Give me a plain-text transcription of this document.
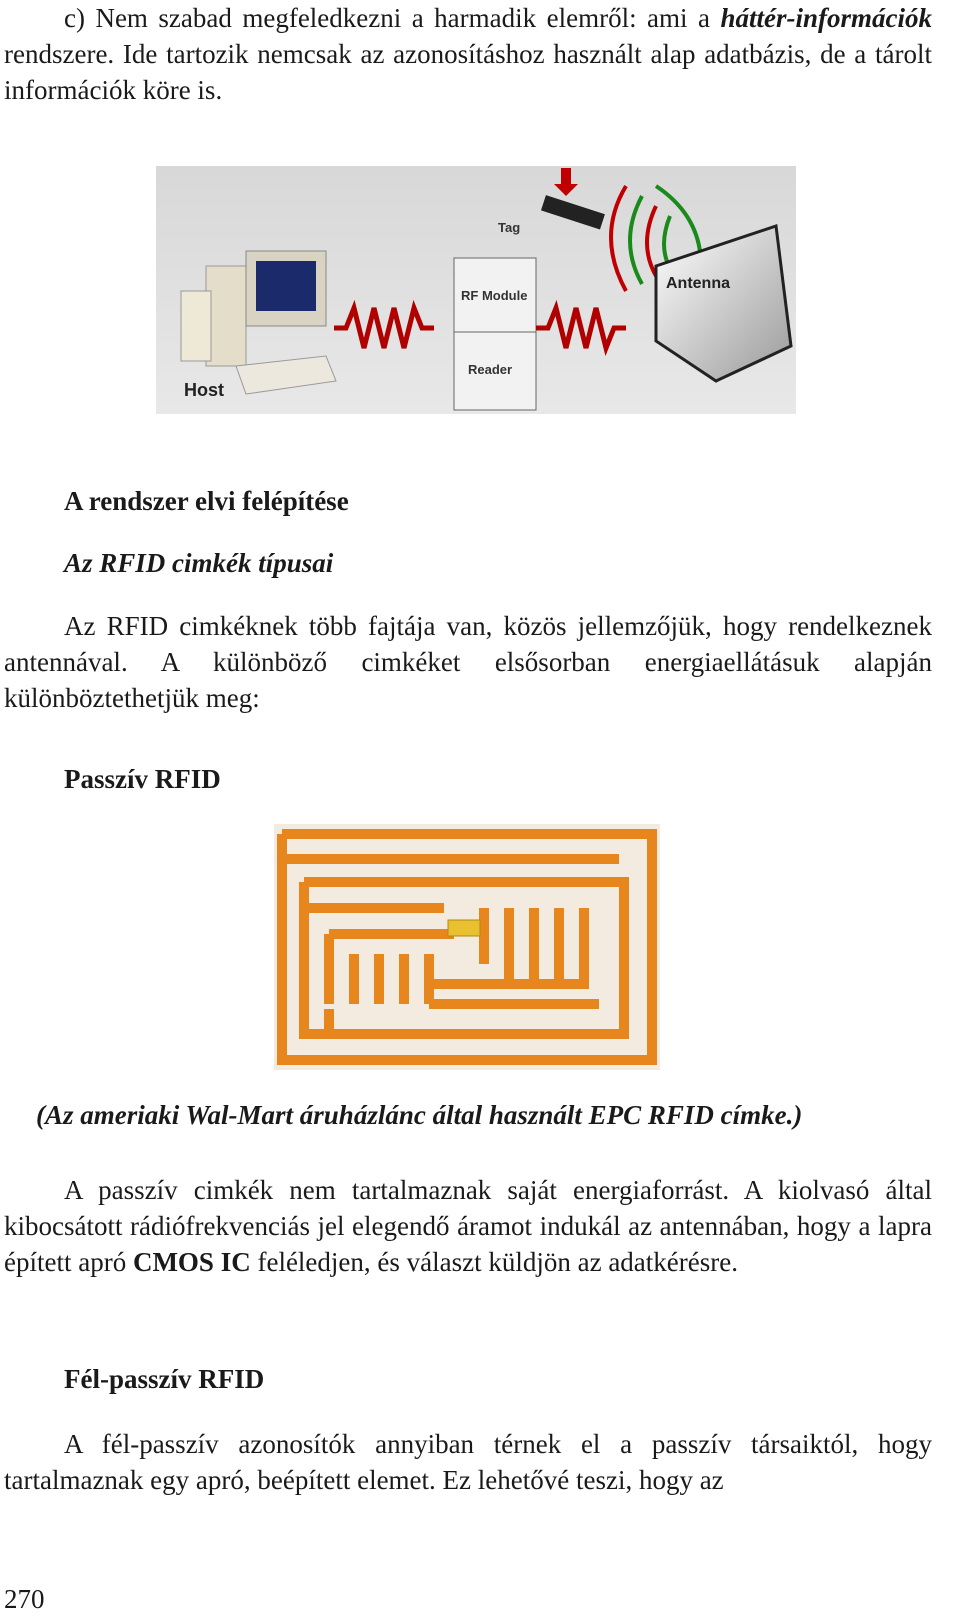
c) Nem szabad megfeledkezni a harmadik elemről: ami a háttér-információk rendszere. Ide tartozik nemcsak az azonosításhoz használt alap adatbázis, de a tárolt információk köre is.

Tag
RF Module
Reader
Antenna
Host

A rendszer elvi felépítése

Az RFID cimkék típusai

Az RFID cimkéknek több fajtája van, közös jellemzőjük, hogy rendelkeznek antennával. A különböző cimkéket elsősorban energiaellátásuk alapján különböztethetjük meg:

Passzív RFID

(Az ameriaki Wal-Mart áruházlánc által használt EPC RFID címke.)

A passzív cimkék nem tartalmaznak saját energiaforrást. A kiolvasó által kibocsátott rádiófrekvenciás jel elegendő áramot indukál az antennában, hogy a lapra épített apró CMOS IC feléledjen, és választ küldjön az adatkérésre.

Fél-passzív RFID

A fél-passzív azonosítók annyiban térnek el a passzív társaiktól, hogy tartalmaznak egy apró, beépített elemet. Ez lehetővé teszi, hogy az

270
